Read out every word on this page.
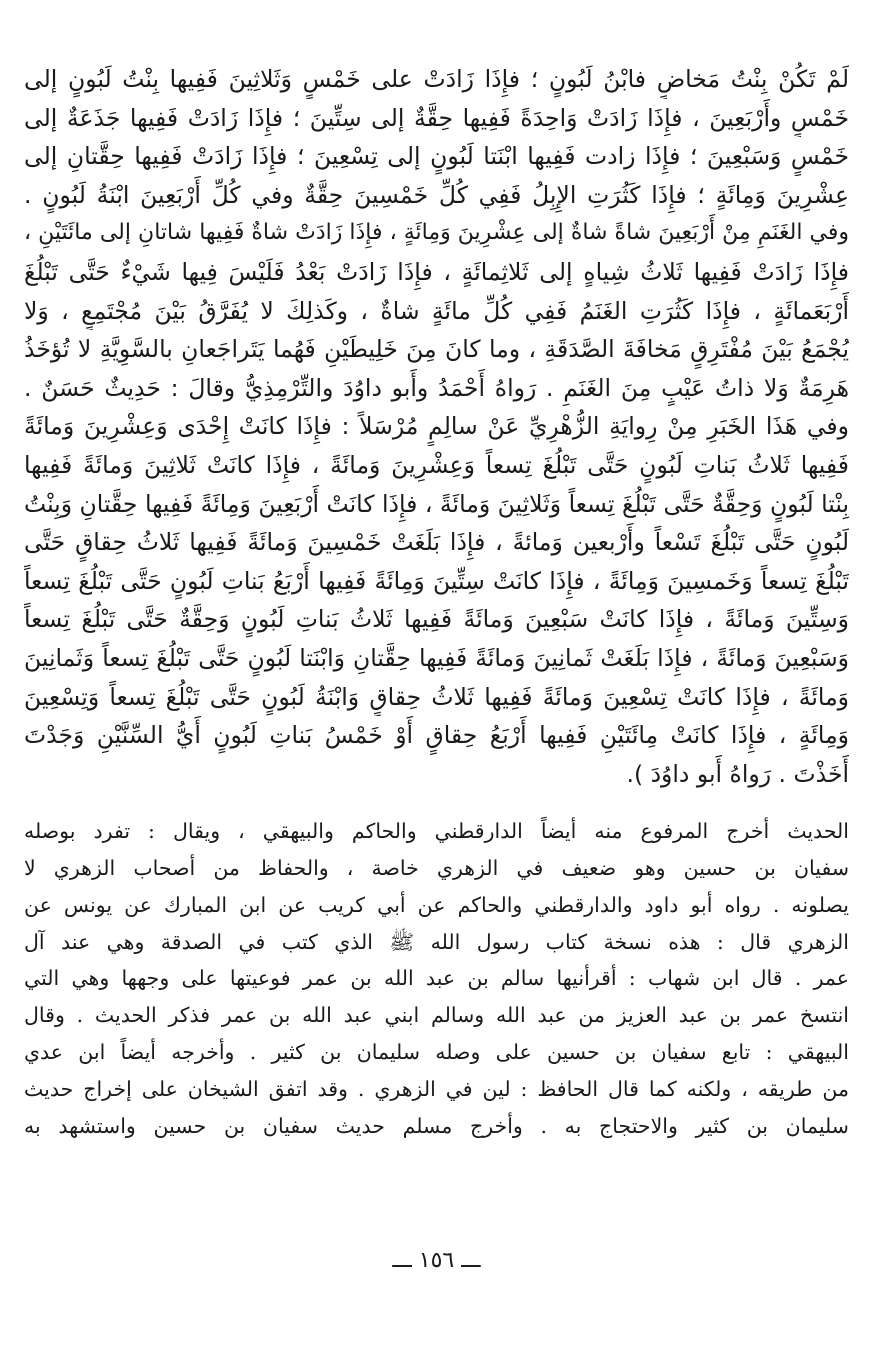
لَمْ تَكُنْ بِنْتُ مَخاضٍ فابْنُ لَبُونٍ ؛ فإِذَا زَادَتْ على خَمْسٍ وَثَلاثِينَ فَفِيها بِنْتُ لَبُونٍ إلى
خَمْسٍ وأَرْبَعِينَ ، فإِذَا زَادَتْ وَاحِدَةً فَفِيها حِقَّةٌ إلى سِتِّينَ ؛ فإِذَا زَادَتْ فَفِيها جَذَعَةٌ إلى
خَمْسٍ وَسَبْعِينَ ؛ فإِذَا زادت فَفِيها ابْنَتا لَبُونٍ إلى تِسْعِينَ ؛ فإِذَا زَادَتْ فَفِيها حِقَّتانِ إلى
عِشْرِينَ وَمِائَةٍ ؛ فإِذَا كَثُرَتِ الإِبِلُ فَفِي كُلِّ خَمْسِينَ حِقَّةٌ وفي كُلِّ أَرْبَعِينَ ابْنَةُ لَبُونٍ .
وفي الغَنَمِ مِنْ أَرْبَعِينَ شاةً شاةٌ إلى عِشْرِينَ وَمِائَةٍ ، فإِذَا زَادَتْ شاةٌ فَفِيها شاتانِ إلى مائَتَيْنِ ،
فإِذَا زَادَتْ فَفِيها ثَلاثُ شِياهٍ إلى ثَلاثِمائَةٍ ، فإِذَا زَادَتْ بَعْدُ فَلَيْسَ فِيها شَيْءٌ حَتَّى تَبْلُغَ
أَرْبَعَمائَةٍ ، فإِذَا كَثُرَتِ الغَنَمُ فَفِي كُلِّ مائَةٍ شاةٌ ، وكَذلِكَ لا يُفَرَّقُ بَيْنَ مُجْتَمِعٍ ، وَلا
يُجْمَعُ بَيْنَ مُفْتَرِقٍ مَخافَةَ الصَّدَقَةِ ، وما كانَ مِنَ خَلِيطَيْنِ فَهُما يَتَراجَعانِ بالسَّوِيَّةِ لا تُؤخَذُ
هَرِمَةٌ وَلا ذاتُ عَيْبٍ مِنَ الغَنَمِ . رَواهُ أَحْمَدُ وأَبو داوُدَ والتِّرْمِذِيُّ وقالَ : حَدِيثٌ حَسَنٌ .
وفي هَذَا الخَبَرِ مِنْ رِوايَةِ الزُّهْرِيِّ عَنْ سالِمٍ مُرْسَلاً : فإِذَا كانَتْ إِحْدَى وَعِشْرِينَ وَمائَةً
فَفِيها ثَلاثُ بَناتِ لَبُونٍ حَتَّى تَبْلُغَ تِسعاً وَعِشْرِينَ وَمائَةً ، فإِذَا كانَتْ ثَلاثِينَ وَمائَةً فَفِيها
بِنْتا لَبُونٍ وَحِقَّةٌ حَتَّى تَبْلُغَ تِسعاً وَثَلاثِينَ وَمائَةً ، فإِذَا كانَتْ أَرْبَعِينَ وَمِائَةً فَفِيها حِقَّتانِ وَبِنْتُ
لَبُونٍ حَتَّى تَبْلُغَ تَسْعاً وأَرْبعين وَمائةً ، فإِذَا بَلَغَتْ خَمْسِينَ وَمائَةً فَفِيها ثَلاثُ حِقاقٍ حَتَّى
تَبْلُغَ تِسعاً وَخَمسِينَ وَمِائَةً ، فإِذَا كانَتْ سِتِّينَ وَمِائَةً فَفِيها أَرْبَعُ بَناتِ لَبُونٍ حَتَّى تَبْلُغَ تِسعاً
وَسِتِّينَ وَمائَةً ، فإِذَا كانَتْ سَبْعِينَ وَمائَةً فَفِيها ثَلاثُ بَناتِ لَبُونٍ وَحِقَّةٌ حَتَّى تَبْلُغَ تِسعاً
وَسَبْعِينَ وَمائَةً ، فإِذَا بَلَغَتْ ثَمانِينَ وَمائَةً فَفِيها حِقَّتانِ وَابْنَتا لَبُونٍ حَتَّى تَبْلُغَ تِسعاً وَثَمانِينَ
وَمائَةً ، فإِذَا كانَتْ تِسْعِينَ وَمائَةً فَفِيها ثَلاثُ حِقاقٍ وَابْنَةُ لَبُونٍ حَتَّى تَبْلُغَ تِسعاً وَتِسْعِينَ
وَمِائَةٍ ، فإِذَا كانَتْ مِائَتَيْنِ فَفِيها أَرْبَعُ حِقاقٍ أَوْ خَمْسُ بَناتِ لَبُونٍ أَيُّ السِّنَّيْنِ وَجَدْتَ
أَخَذْتَ . رَواهُ أَبو داوُدَ ).
الحديث أخرج المرفوع منه أيضاً الدارقطني والحاكم والبيهقي ، ويقال : تفرد بوصله
سفيان بن حسين وهو ضعيف في الزهري خاصة ، والحفاظ من أصحاب الزهري لا
يصلونه . رواه أبو داود والدارقطني والحاكم عن أبي كريب عن ابن المبارك عن يونس عن
الزهري قال : هذه نسخة كتاب رسول الله ﷺ الذي كتب في الصدقة وهي عند آل
عمر . قال ابن شهاب : أقرأنيها سالم بن عبد الله بن عمر فوعيتها على وجهها وهي التي
انتسخ عمر بن عبد العزيز من عبد الله وسالم ابني عبد الله بن عمر فذكر الحديث . وقال
البيهقي : تابع سفيان بن حسين على وصله سليمان بن كثير . وأخرجه أيضاً ابن عدي
من طريقه ، ولكنه كما قال الحافظ : لين في الزهري . وقد اتفق الشيخان على إخراج حديث
سليمان بن كثير والاحتجاج به . وأخرج مسلم حديث سفيان بن حسين واستشهد به
ـــ ١٥٦ ـــ
